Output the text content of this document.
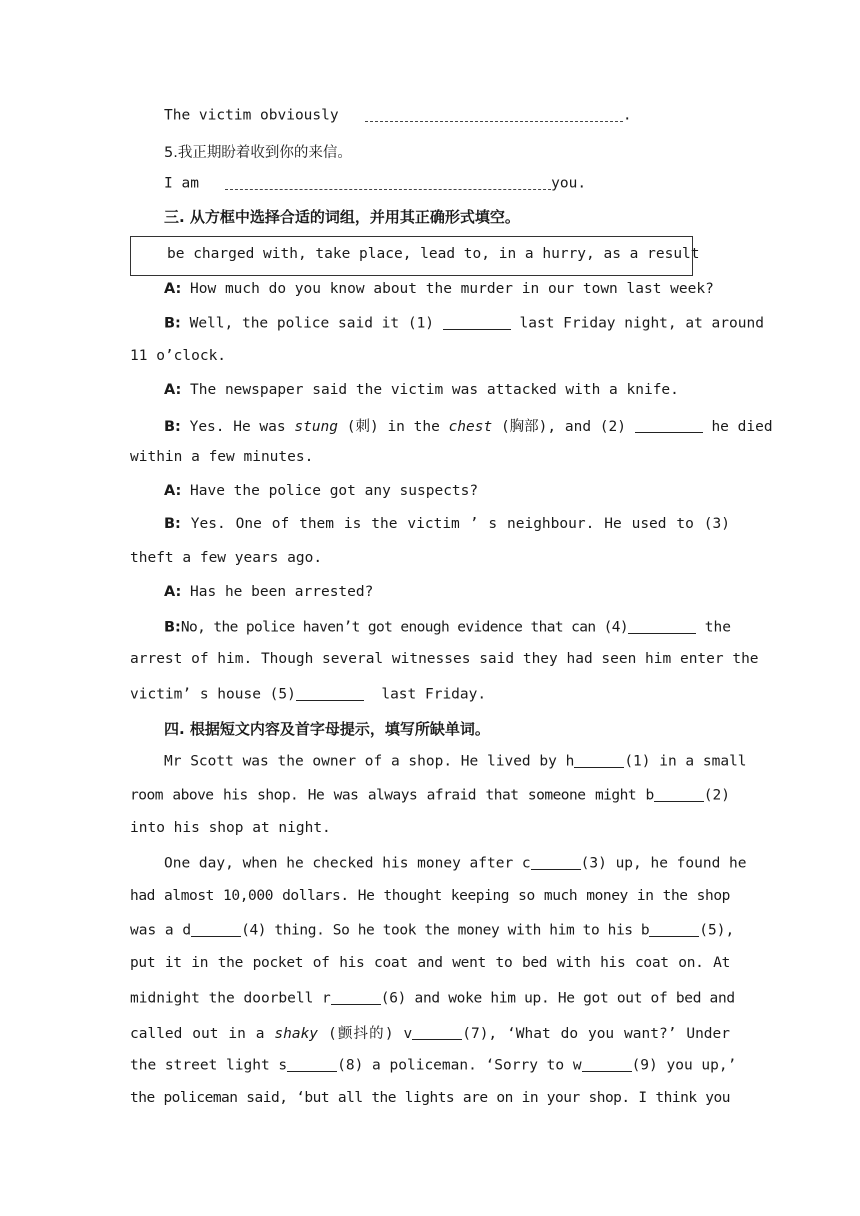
The victim obviously	.
5.我正期盼着收到你的来信。
I am	you.
三. 从方框中选择合适的词组，并用其正确形式填空。
be charged with, take place, lead to, in a hurry, as a result
A: How much do you know about the murder in our town last week?
B: Well, the police said it (1)	last Friday night, at around
11 o’clock.
A: The newspaper said the victim was attacked with a knife.
B: Yes. He was stung (刺) in the chest (胸部), and (2)	he died
within a few minutes.
A: Have the police got any suspects?
B: Yes. One of them is the victim ’ s neighbour. He used to (3)
theft a few years ago.
A: Has he been arrested?
B:No, the police haven’t got enough evidence that can (4)	the
arrest of him. Though several witnesses said they had seen him enter the
victim’ s house (5)	last Friday.
四. 根据短文内容及首字母提示，填写所缺单词。
Mr Scott was the owner of a shop. He lived by h	(1) in a small
room above his shop. He was always afraid that someone might b	(2)
into his shop at night.
One day, when he checked his money after c	(3) up, he found he
had almost 10,000 dollars. He thought keeping so much money in the shop
was a d	(4) thing. So he took the money with him to his b	(5),
put it in the pocket of his coat and went to bed with his coat on. At
midnight the doorbell r	(6) and woke him up. He got out of bed and
called out in a shaky (颤抖的) v	(7), ‘What do you want?’ Under
the street light s	(8) a policeman. ‘Sorry to w	(9) you up,’
the policeman said, ‘but all the lights are on in your shop. I think you
